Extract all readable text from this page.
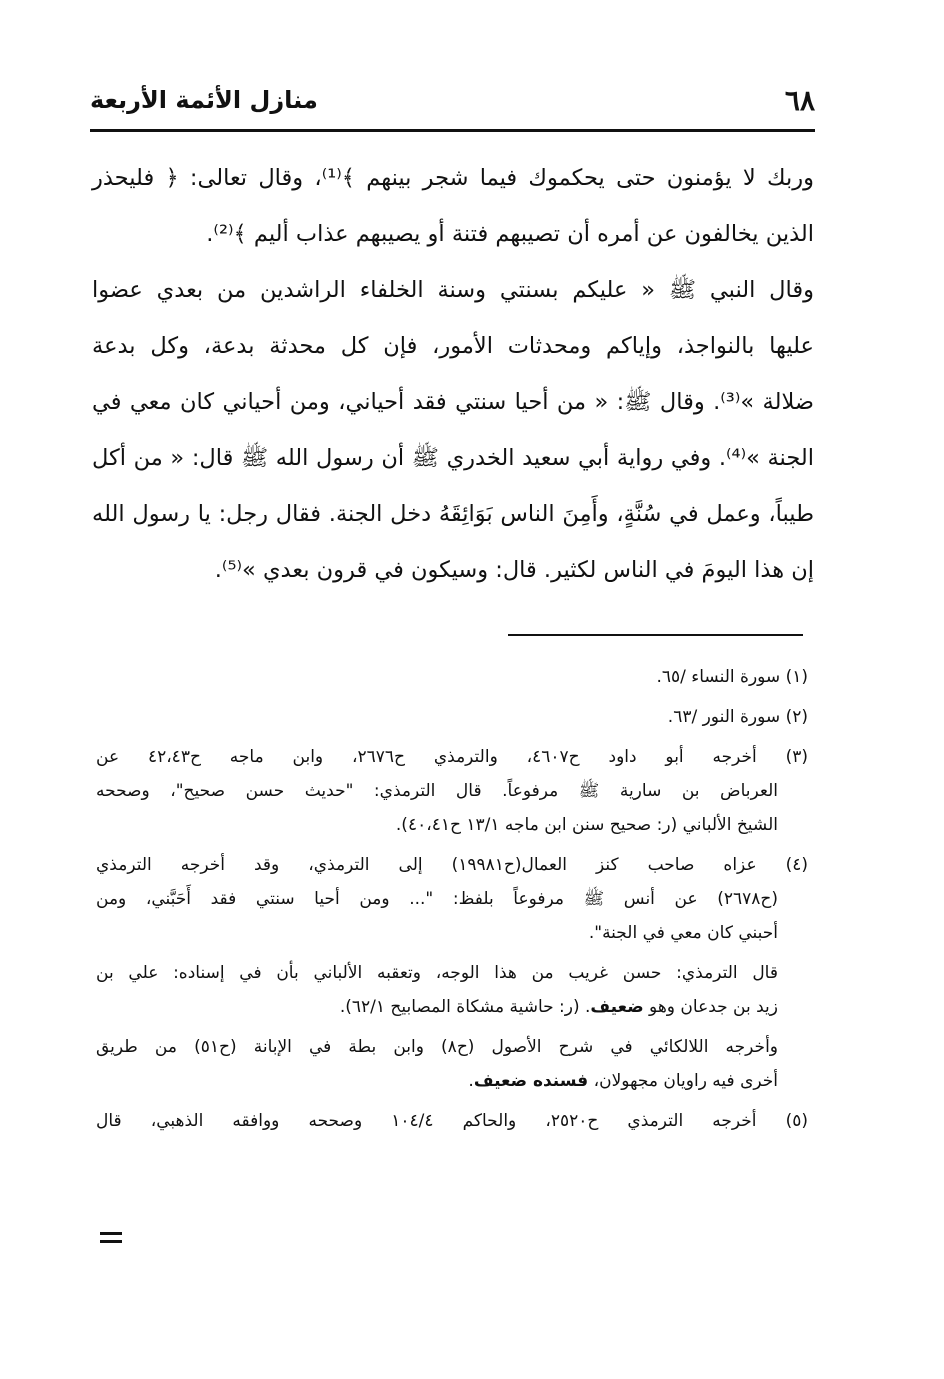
٦٨
منازل الأئمة الأربعة
وربك لا يؤمنون حتى يحكموك فيما شجر بينهم ﴾⁽¹⁾، وقال تعالى: ﴿ فليحذر
الذين يخالفون عن أمره أن تصيبهم فتنة أو يصيبهم عذاب أليم ﴾⁽²⁾.
وقال النبي ﷺ « عليكم بسنتي وسنة الخلفاء الراشدين من بعدي عضوا
عليها بالنواجذ، وإياكم ومحدثات الأمور، فإن كل محدثة بدعة، وكل بدعة
ضلالة »⁽³⁾. وقال ﷺ: « من أحيا سنتي فقد أحياني، ومن أحياني كان معي في
الجنة »⁽⁴⁾. وفي رواية أبي سعيد الخدري ﷺ أن رسول الله ﷺ قال: « من أكل
طيباً، وعمل في سُنَّةٍ، وأَمِنَ الناس بَوَائِقَهُ دخل الجنة. فقال رجل: يا رسول الله
إن هذا اليومَ في الناس لكثير. قال: وسيكون في قرون بعدي »⁽⁵⁾.
(١) سورة النساء /٦٥.
(٢) سورة النور /٦٣.
(٣) أخرجه أبو داود ح٤٦٠٧، والترمذي ح٢٦٧٦، وابن ماجه ح٤٢،٤٣ عن
العرباض بن سارية ﷺ مرفوعاً. قال الترمذي: "حديث حسن صحيح"، وصححه
الشيخ الألباني (ر: صحيح سنن ابن ماجه ١٣/١ ح٤٠،٤١).
(٤) عزاه صاحب كنز العمال(ح١٩٩٨١) إلى الترمذي، وقد أخرجه الترمذي
(ح٢٦٧٨) عن أنس ﷺ مرفوعاً بلفظ: "... ومن أحيا سنتي فقد أَحَبَّني، ومن
أحبني كان معي في الجنة".
قال الترمذي: حسن غريب من هذا الوجه، وتعقبه الألباني بأن في إسناده: علي بن
زيد بن جدعان وهو ضعيف. (ر: حاشية مشكاة المصابيح ٦٢/١).
وأخرجه اللالكائي في شرح الأصول (ح٨) وابن بطة في الإبانة (ح٥١) من طريق
أخرى فيه راويان مجهولان، فسنده ضعيف.
(٥) أخرجه الترمذي ح٢٥٢٠، والحاكم ١٠٤/٤ وصححه ووافقه الذهبي، قال
